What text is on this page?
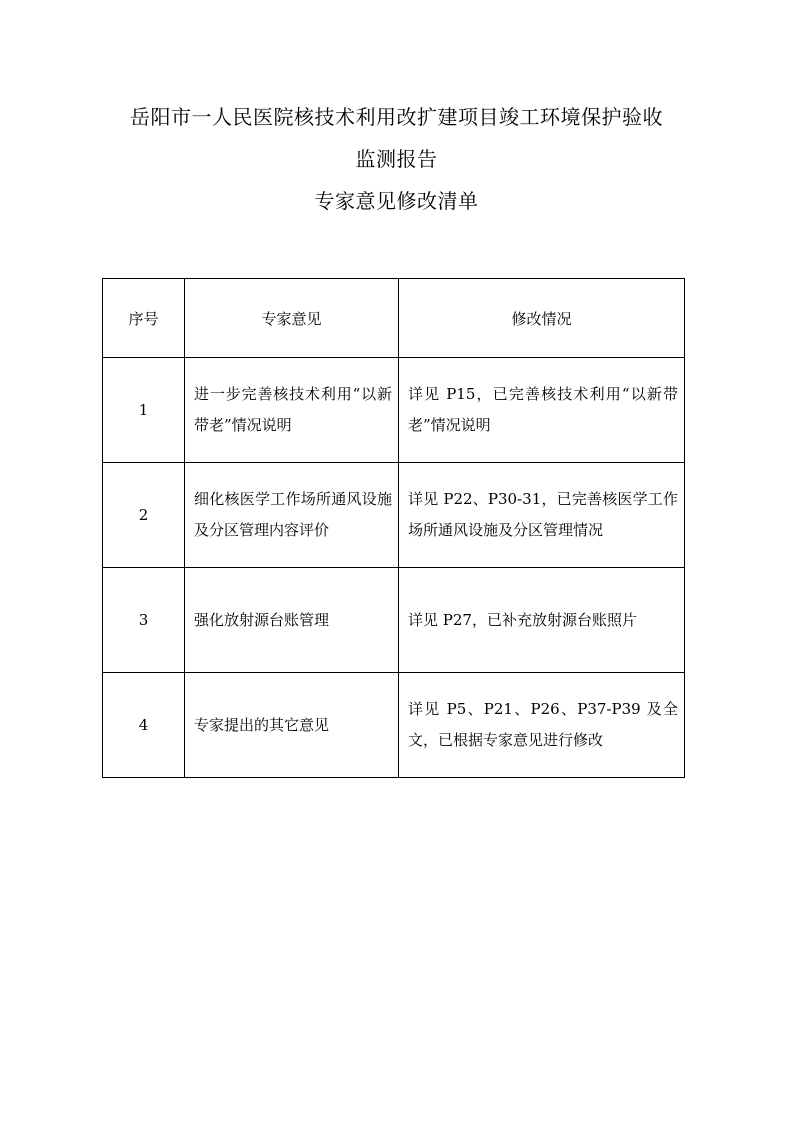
岳阳市一人民医院核技术利用改扩建项目竣工环境保护验收
监测报告
专家意见修改清单
序号	专家意见	修改情况
1	进一步完善核技术利用“以新带老”情况说明	详见 P15，已完善核技术利用“以新带老”情况说明

2	细化核医学工作场所通风设施及分区管理内容评价	详见 P22、P30-31，已完善核医学工作场所通风设施及分区管理情况

3	强化放射源台账管理	详见 P27，已补充放射源台账照片

4	专家提出的其它意见	详见 P5、P21、P26、P37-P39 及全文，已根据专家意见进行修改
